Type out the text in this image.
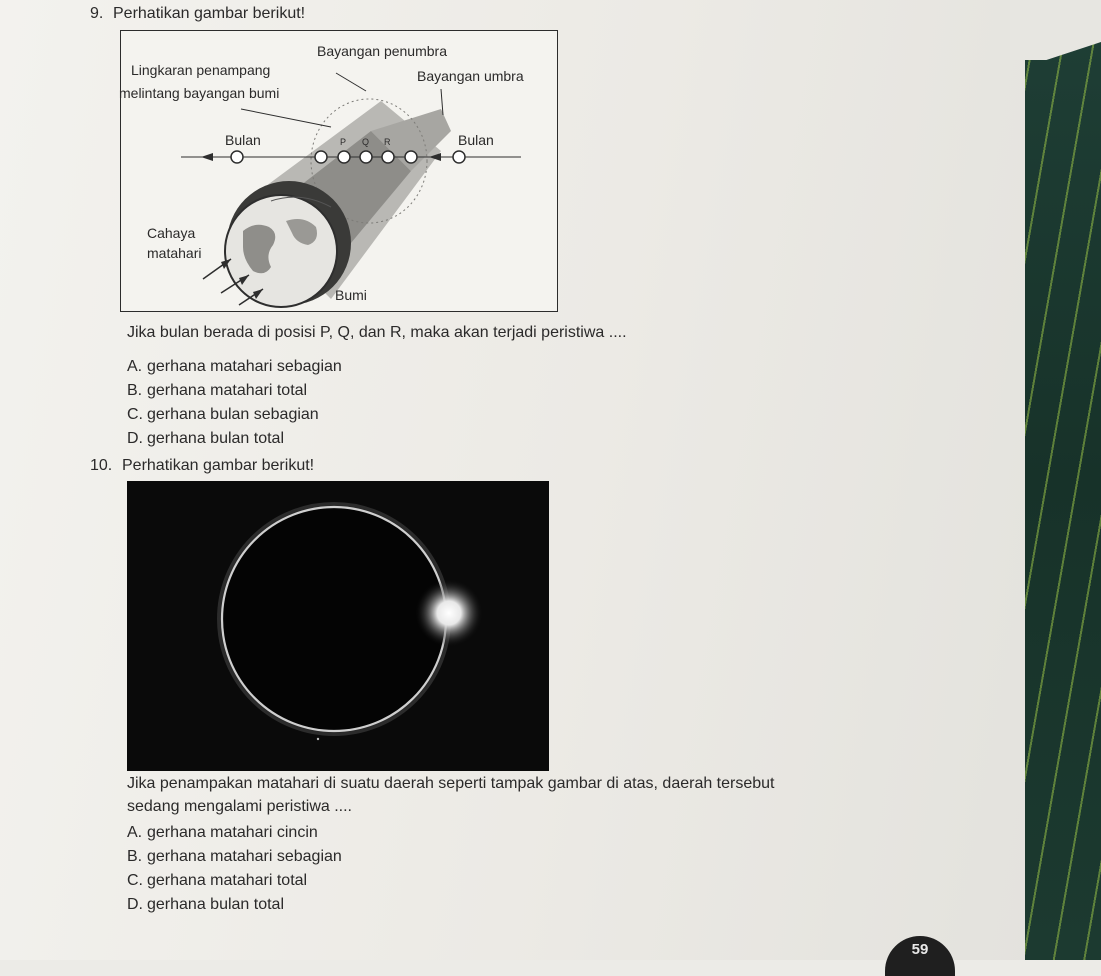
9. Perhatikan gambar berikut!
Bayangan penumbra
Lingkaran penampang	Bayangan umbra
melintang bayangan bumi
Bulan	P Q R	Bulan
Cahaya
matahari
Bumi
Jika bulan berada di posisi P, Q, dan R, maka akan terjadi peristiwa ....
A. gerhana matahari sebagian
B. gerhana matahari total
C. gerhana bulan sebagian
D. gerhana bulan total
10. Perhatikan gambar berikut!
Jika penampakan matahari di suatu daerah seperti tampak gambar di atas, daerah tersebut
sedang mengalami peristiwa ....
A. gerhana matahari cincin
B. gerhana matahari sebagian
C. gerhana matahari total
D. gerhana bulan total
59
